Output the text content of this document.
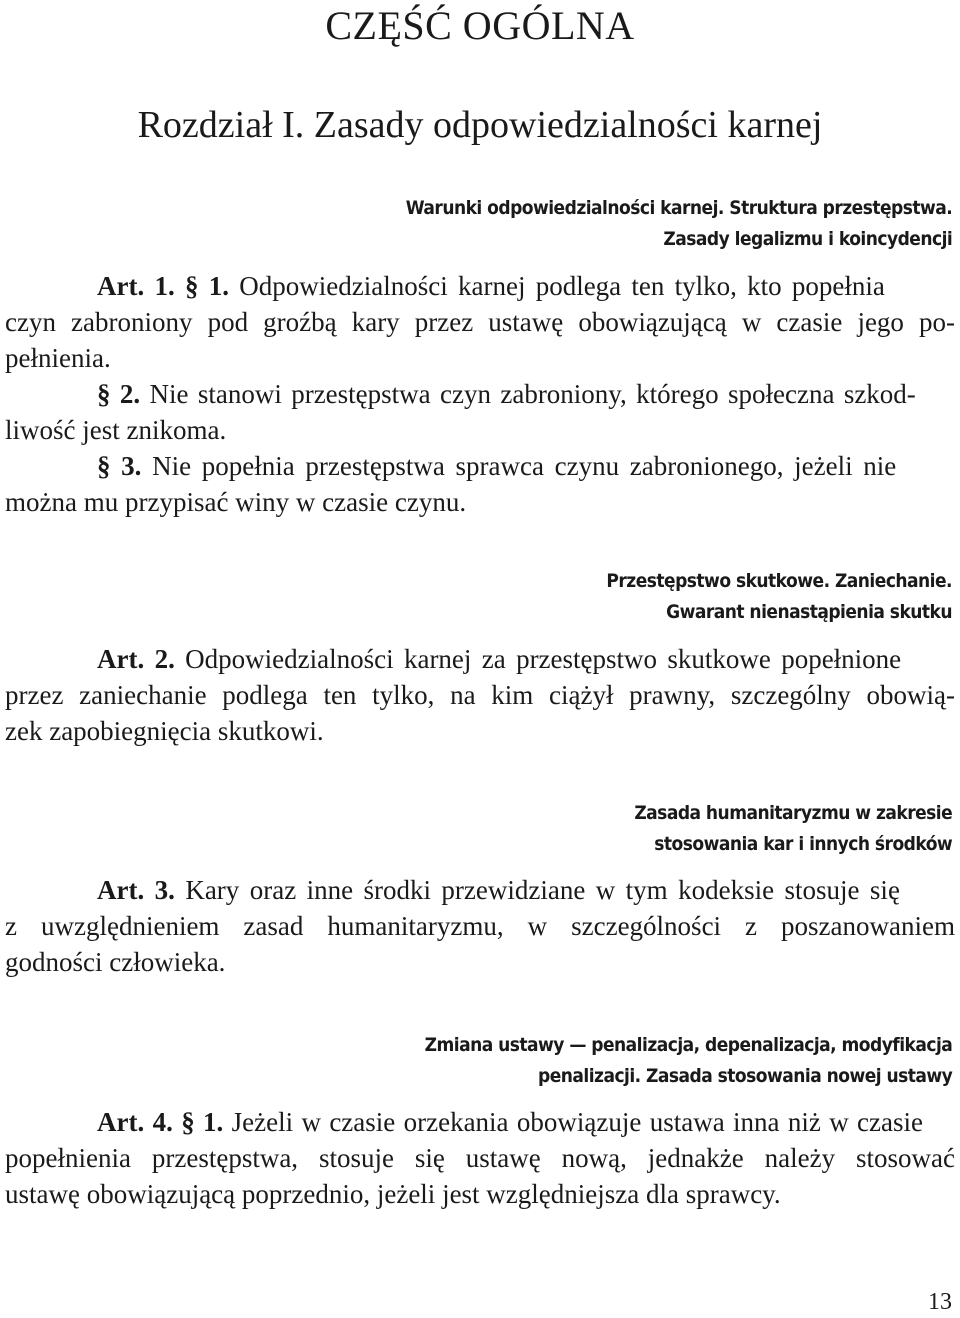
CZĘŚĆ OGÓLNA
Rozdział I. Zasady odpowiedzialności karnej
Warunki odpowiedzialności karnej. Struktura przestępstwa.
Zasady legalizmu i koincydencji
Art. 1. § 1. Odpowiedzialności karnej podlega ten tylko, kto popełnia
czyn zabroniony pod groźbą kary przez ustawę obowiązującą w czasie jego po-
pełnienia.
§ 2. Nie stanowi przestępstwa czyn zabroniony, którego społeczna szkod-
liwość jest znikoma.
§ 3. Nie popełnia przestępstwa sprawca czynu zabronionego, jeżeli nie
można mu przypisać winy w czasie czynu.
Przestępstwo skutkowe. Zaniechanie.
Gwarant nienastąpienia skutku
Art. 2. Odpowiedzialności karnej za przestępstwo skutkowe popełnione
przez zaniechanie podlega ten tylko, na kim ciążył prawny, szczególny obowią-
zek zapobiegnięcia skutkowi.
Zasada humanitaryzmu w zakresie
stosowania kar i innych środków
Art. 3. Kary oraz inne środki przewidziane w tym kodeksie stosuje się
z uwzględnieniem zasad humanitaryzmu, w szczególności z poszanowaniem
godności człowieka.
Zmiana ustawy — penalizacja, depenalizacja, modyfikacja
penalizacji. Zasada stosowania nowej ustawy
Art. 4. § 1. Jeżeli w czasie orzekania obowiązuje ustawa inna niż w czasie
popełnienia przestępstwa, stosuje się ustawę nową, jednakże należy stosować
ustawę obowiązującą poprzednio, jeżeli jest względniejsza dla sprawcy.
13
